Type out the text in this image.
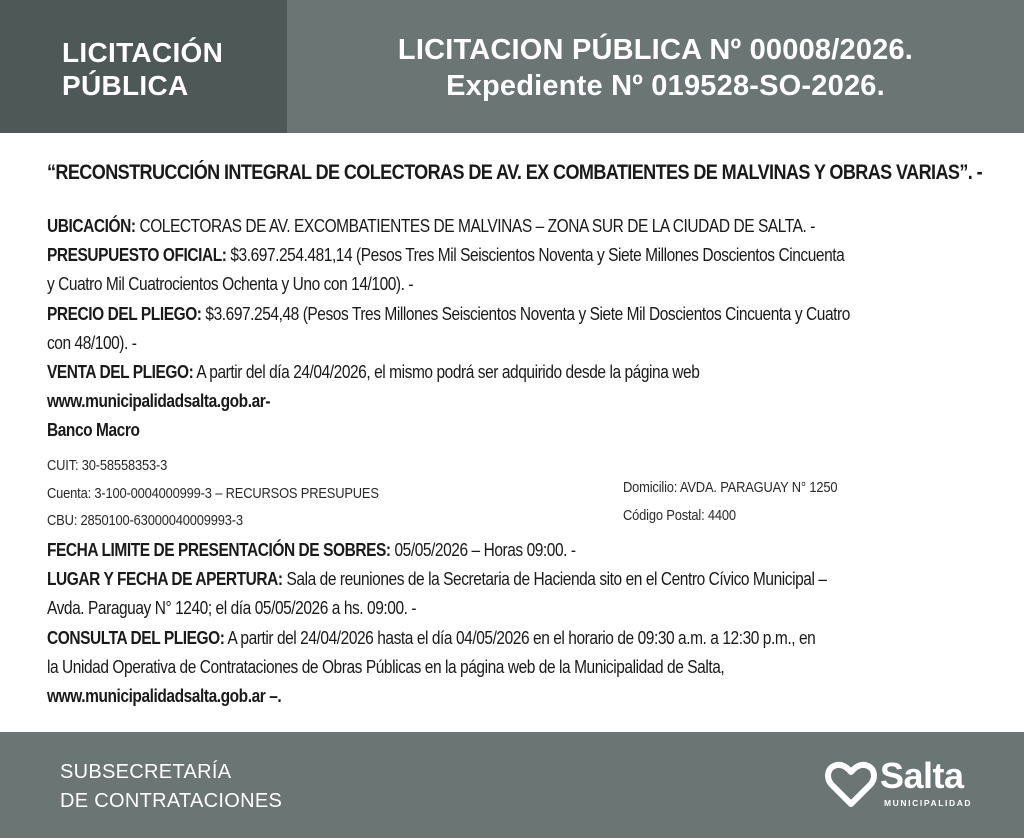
LICITACIÓN
PÚBLICA
LICITACION PÚBLICA Nº 00008/2026.
Expediente Nº 019528-SO-2026.
“RECONSTRUCCIÓN INTEGRAL DE COLECTORAS DE AV. EX COMBATIENTES DE MALVINAS Y OBRAS VARIAS”. -

UBICACIÓN: COLECTORAS DE AV. EXCOMBATIENTES DE MALVINAS – ZONA SUR DE LA CIUDAD DE SALTA. -

PRESUPUESTO OFICIAL: $3.697.254.481,14 (Pesos Tres Mil Seiscientos Noventa y Siete Millones Doscientos Cincuenta

y Cuatro Mil Cuatrocientos Ochenta y Uno con 14/100). -

PRECIO DEL PLIEGO: $3.697.254,48 (Pesos Tres Millones Seiscientos Noventa y Siete Mil Doscientos Cincuenta y Cuatro

con 48/100). -

VENTA DEL PLIEGO: A partir del día 24/04/2026, el mismo podrá ser adquirido desde la página web

www.municipalidadsalta.gob.ar-

Banco Macro

CUIT: 30-58558353-3
Cuenta: 3-100-0004000999-3 – RECURSOS PRESUPUES
CBU: 2850100-63000040009993-3
Domicilio: AVDA. PARAGUAY N° 1250
Código Postal: 4400

FECHA LIMITE DE PRESENTACIÓN DE SOBRES: 05/05/2026 – Horas 09:00. -

LUGAR Y FECHA DE APERTURA: Sala de reuniones de la Secretaria de Hacienda sito en el Centro Cívico Municipal –

Avda. Paraguay N° 1240; el día 05/05/2026 a hs. 09:00. -

CONSULTA DEL PLIEGO: A partir del 24/04/2026 hasta el día 04/05/2026 en el horario de 09:30 a.m. a 12:30 p.m., en

la Unidad Operativa de Contrataciones de Obras Públicas en la página web de la Municipalidad de Salta,

www.municipalidadsalta.gob.ar –.

SUBSECRETARÍA
DE CONTRATACIONES
Salta
MUNICIPALIDAD
